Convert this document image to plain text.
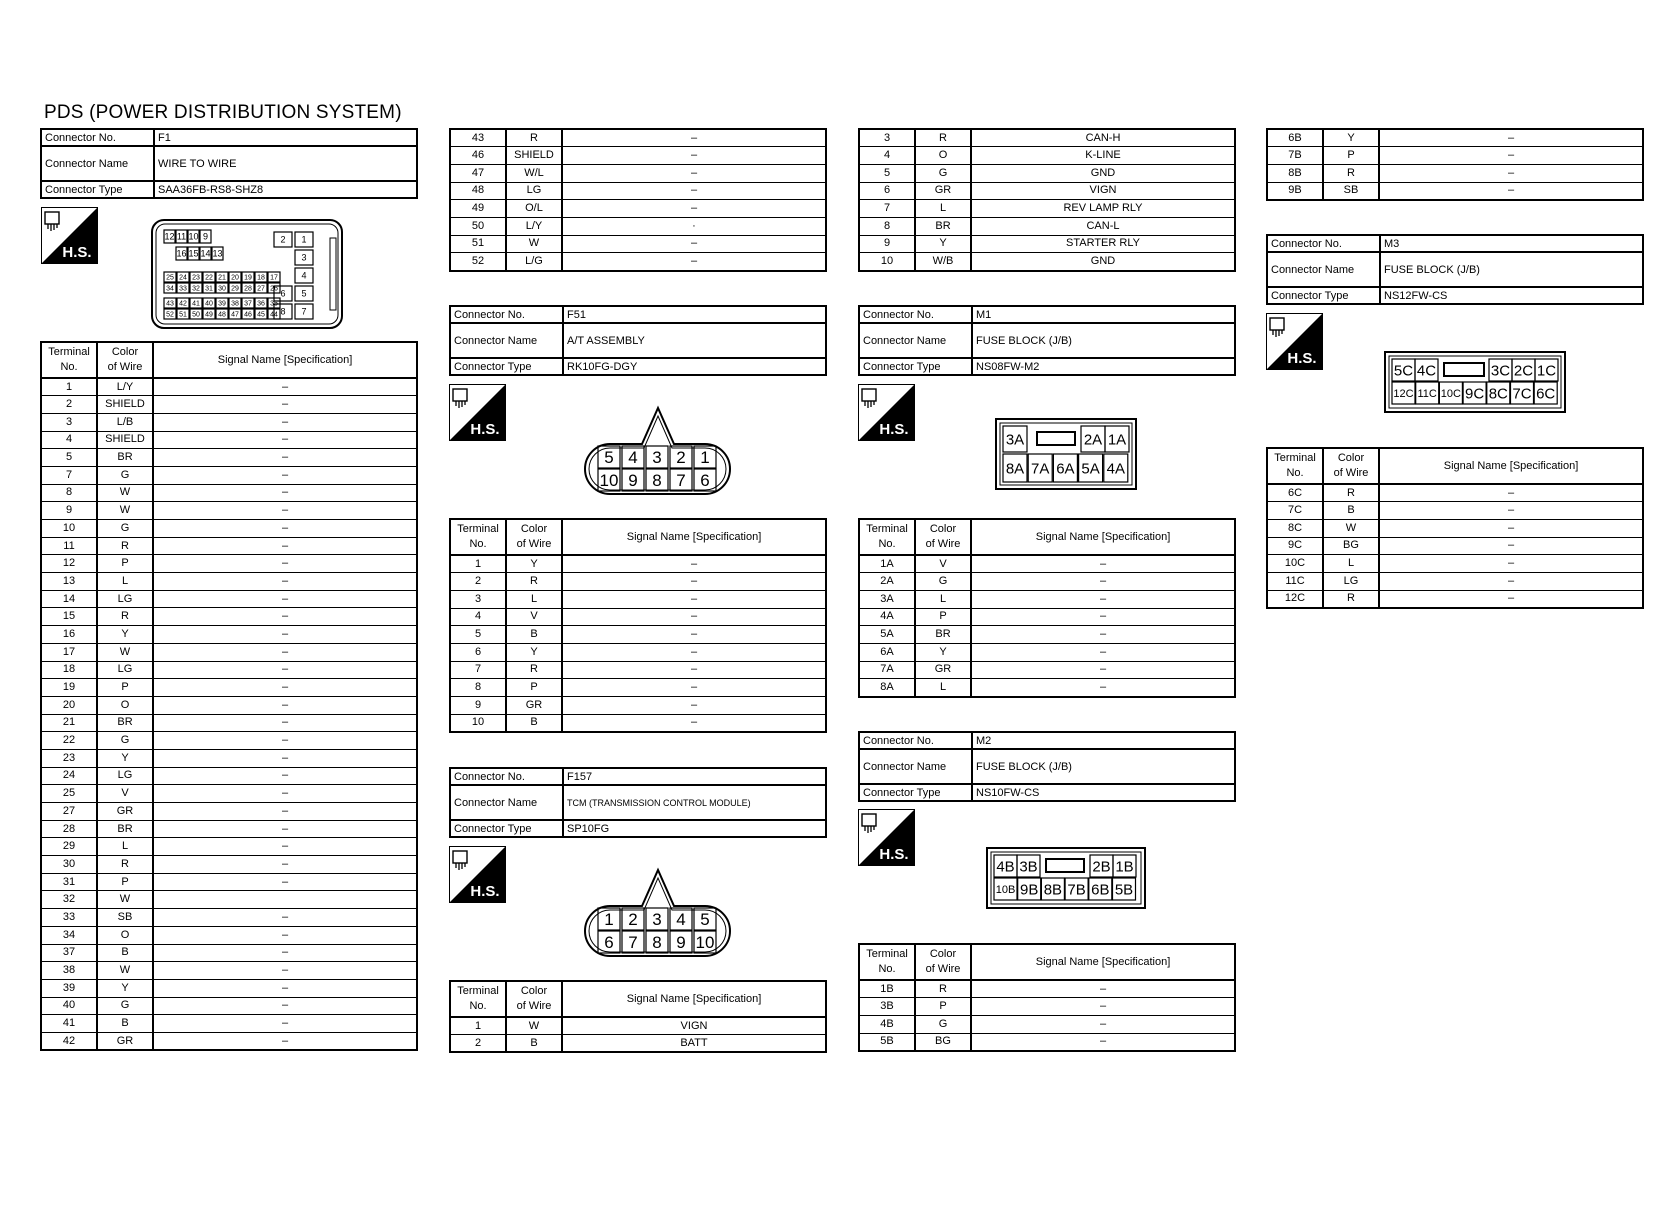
PDS (POWER DISTRIBUTION SYSTEM)
Connector No.	F1
Connector Name	WIRE TO WIRE
Connector Type	SAA36FB-RS8-SHZ8
H.S.
H.S.
H.S.
H.S.
H.S.
H.S.
12 11 10 9
16 15 14 13
25 24 23 22 21 20 19 18 17
34 33 32 31 30 29 28 27 26
43 42 41 40 39 38 37 36 35
52 51 50 49 48 47 46 45 44
2 1
3
4
6 5
8 7
Terminal
No.	Color
of Wire	Signal Name [Specification]
1	L/Y	–
2	SHIELD	–
3	L/B	–
4	SHIELD	–
5	BR	–
7	G	–
8	W	–
9	W	–
10	G	–
11	R	–
12	P	–
13	L	–
14	LG	–
15	R	–
16	Y	–
17	W	–
18	LG	–
19	P	–
20	O	–
21	BR	–
22	G	–
23	Y	–
24	LG	–
25	V	–
27	GR	–
28	BR	–
29	L	–
30	R	–
31	P	–
32	W	
33	SB	–
34	O	–
37	B	–
38	W	–
39	Y	–
40	G	–
41	B	–
42	GR	–
43	R	–
46	SHIELD	–
47	W/L	–
48	LG	–
49	O/L	–
50	L/Y	·
51	W	–
52	L/G	–
Connector No.	F51
Connector Name	A/T ASSEMBLY
Connector Type	RK10FG-DGY
5 4 3 2 1
10 9 8 7 6
Terminal
No.	Color
of Wire	Signal Name [Specification]
1	Y	–
2	R	–
3	L	–
4	V	–
5	B	–
6	Y	–
7	R	–
8	P	–
9	GR	–
10	B	–
Connector No.	F157
Connector Name	TCM (TRANSMISSION CONTROL MODULE)
Connector Type	SP10FG
1 2 3 4 5
6 7 8 9 10
Terminal
No.	Color
of Wire	Signal Name [Specification]
1	W	VIGN
2	B	BATT
3	R	CAN-H
4	O	K-LINE
5	G	GND
6	GR	VIGN
7	L	REV LAMP RLY
8	BR	CAN-L
9	Y	STARTER RLY
10	W/B	GND
Connector No.	M1
Connector Name	FUSE BLOCK (J/B)
Connector Type	NS08FW-M2
3A	2A 1A
8A 7A 6A 5A 4A
Terminal
No.	Color
of Wire	Signal Name [Specification]
1A	V	–
2A	G	–
3A	L	–
4A	P	–
5A	BR	–
6A	Y	–
7A	GR	–
8A	L	–
Connector No.	M2
Connector Name	FUSE BLOCK (J/B)
Connector Type	NS10FW-CS
4B 3B	2B 1B
10B 9B 8B 7B 6B 5B
Terminal
No.	Color
of Wire	Signal Name [Specification]
1B	R	–
3B	P	–
4B	G	–
5B	BG	–
6B	Y	–
7B	P	–
8B	R	–
9B	SB	–
Connector No.	M3
Connector Name	FUSE BLOCK (J/B)
Connector Type	NS12FW-CS
5C 4C	3C 2C 1C
12C 11C 10C 9C 8C 7C 6C
Terminal
No.	Color
of Wire	Signal Name [Specification]
6C	R	–
7C	B	–
8C	W	–
9C	BG	–
10C	L	–
11C	LG	–
12C	R	–
